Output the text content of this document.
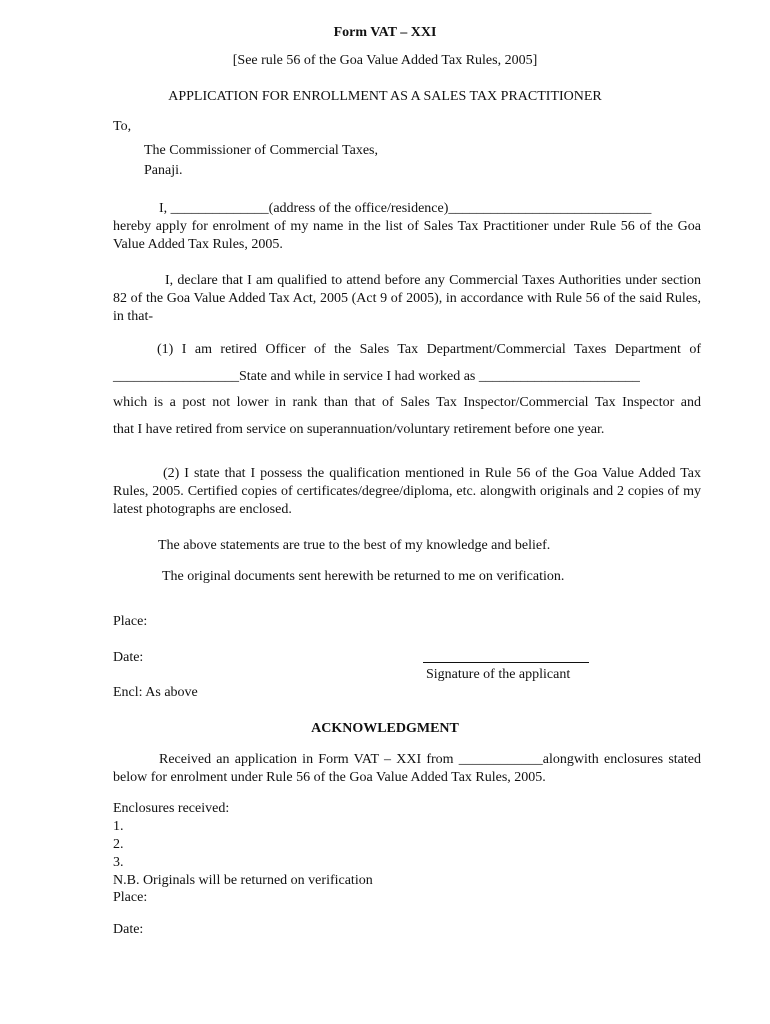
Form VAT – XXI
[See rule 56 of the Goa Value Added Tax Rules, 2005]
APPLICATION FOR ENROLLMENT AS A SALES TAX PRACTITIONER
To,
The Commissioner of Commercial Taxes,
Panaji.
I, ______________(address of the office/residence)_____________________________
hereby apply for enrolment of my name in the list of Sales Tax Practitioner under Rule 56 of the Goa Value Added Tax Rules, 2005.
I, declare that I am qualified to attend before any Commercial Taxes Authorities under section 82 of the Goa Value Added Tax Act, 2005 (Act 9 of 2005), in accordance with Rule 56 of the said Rules, in that-
(1) I am retired Officer of the Sales Tax Department/Commercial Taxes Department of
__________________State and while in service I had worked as _______________________
which is a post not lower in rank than that of Sales Tax Inspector/Commercial Tax Inspector and
that I have retired from service on superannuation/voluntary retirement before one year.
(2) I state that I possess the qualification mentioned in Rule 56 of the Goa Value Added Tax Rules, 2005. Certified copies of certificates/degree/diploma, etc. alongwith originals and 2 copies of my latest photographs are enclosed.
The above statements are true to the best of my knowledge and belief.
The original documents sent herewith be returned to me on verification.
Place:
Date:
Signature of the applicant
Encl: As above
ACKNOWLEDGMENT
Received an application in Form VAT – XXI from ____________alongwith enclosures stated below for enrolment under Rule 56 of the Goa Value Added Tax Rules, 2005.
Enclosures received:
1.
2.
3.
N.B. Originals will be returned on verification
Place:
Date:
